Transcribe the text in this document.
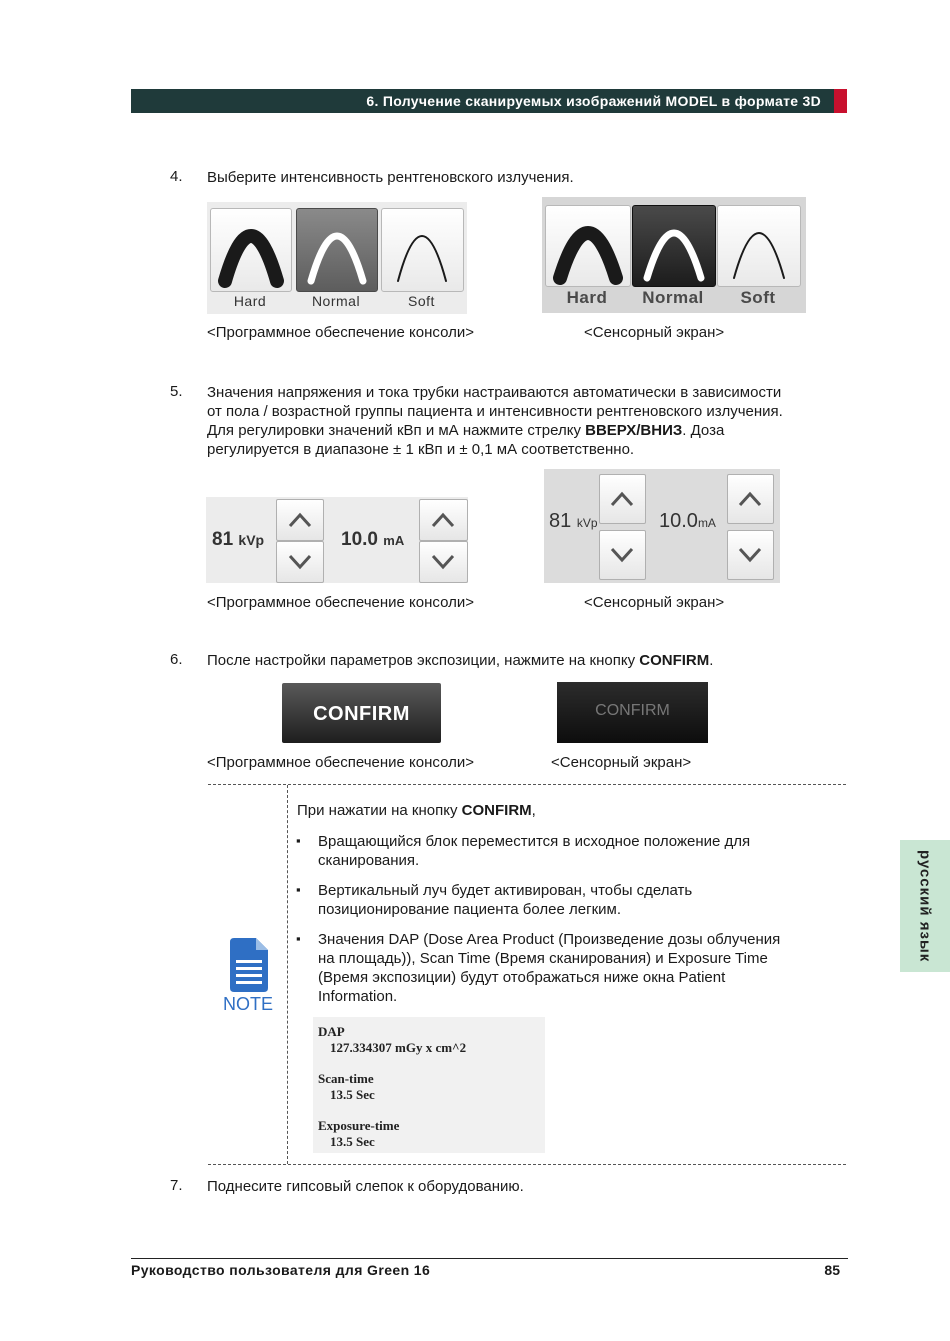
6. Получение сканируемых изображений MODEL в формате 3D
4. Выберите интенсивность рентгеновского излучения.
Hard	Normal	Soft	Hard	Normal	Soft
<Программное обеспечение консоли>	<Сенсорный экран>
5. Значения напряжения и тока трубки настраиваются автоматически в зависимости
от пола / возрастной группы пациента и интенсивности рентгеновского излучения.
Для регулировки значений кВп и мА нажмите стрелку ВВЕРХ/ВНИЗ. Доза
регулируется в диапазоне ± 1 кВп и ± 0,1 мА соответственно.
81 kVp	10.0 mA
81 kVp	10.0mA
<Программное обеспечение консоли>	<Сенсорный экран>
6. После настройки параметров экспозиции, нажмите на кнопку CONFIRM.
CONFIRM	CONFIRM
<Программное обеспечение консоли>	<Сенсорный экран>
NOTE
При нажатии на кнопку CONFIRM,
▪ Вращающийся блок переместится в исходное положение для
сканирования.
▪ Вертикальный луч будет активирован, чтобы сделать
позиционирование пациента более легким.
▪ Значения DAP (Dose Area Product (Произведение дозы облучения
на площадь)), Scan Time (Время сканирования) и Exposure Time
(Время экспозиции) будут отображаться ниже окна Patient
Information.
DAP
127.334307 mGy x cm^2
Scan-time
13.5 Sec
Exposure-time
13.5 Sec
7. Поднесите гипсовый слепок к оборудованию.
русский язык
Руководство пользователя для Green 16	85
